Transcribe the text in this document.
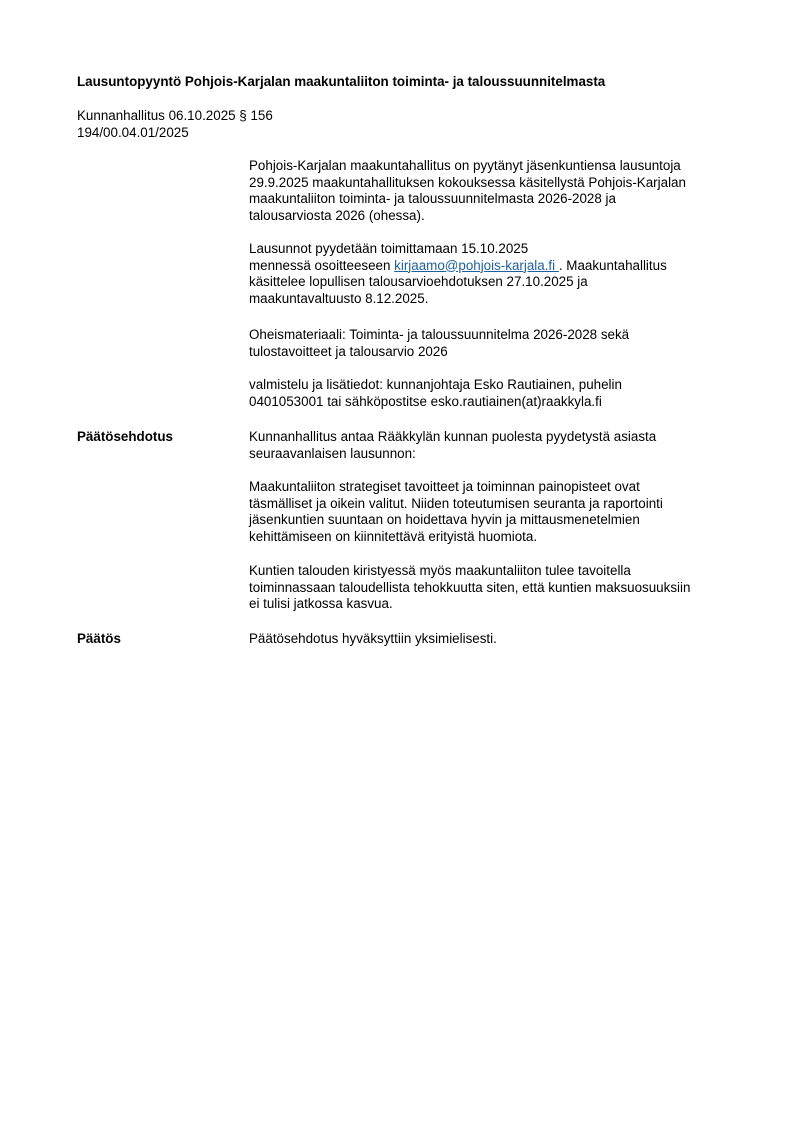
Lausuntopyyntö Pohjois-Karjalan maakuntaliiton toiminta- ja taloussuunnitelmasta
Kunnanhallitus 06.10.2025 § 156
194/00.04.01/2025
Pohjois-Karjalan maakuntahallitus on pyytänyt jäsenkuntiensa lausuntoja
29.9.2025 maakuntahallituksen kokouksessa käsitellystä Pohjois-Karjalan
maakuntaliiton toiminta- ja taloussuunnitelmasta 2026-2028 ja
talousarviosta 2026 (ohessa).
Lausunnot pyydetään toimittamaan 15.10.2025
mennessä osoitteeseen kirjaamo@pohjois-karjala.fi . Maakuntahallitus
käsittelee lopullisen talousarvioehdotuksen 27.10.2025 ja
maakuntavaltuusto 8.12.2025.
Oheismateriaali: Toiminta- ja taloussuunnitelma 2026-2028 sekä
tulostavoitteet ja talousarvio 2026
valmistelu ja lisätiedot: kunnanjohtaja Esko Rautiainen, puhelin
0401053001 tai sähköpostitse esko.rautiainen(at)raakkyla.fi
Päätösehdotus	Kunnanhallitus antaa Rääkkylän kunnan puolesta pyydetystä asiasta
seuraavanlaisen lausunnon:
Maakuntaliiton strategiset tavoitteet ja toiminnan painopisteet ovat
täsmälliset ja oikein valitut. Niiden toteutumisen seuranta ja raportointi
jäsenkuntien suuntaan on hoidettava hyvin ja mittausmenetelmien
kehittämiseen on kiinnitettävä erityistä huomiota.
Kuntien talouden kiristyessä myös maakuntaliiton tulee tavoitella
toiminnassaan taloudellista tehokkuutta siten, että kuntien maksuosuuksiin
ei tulisi jatkossa kasvua.
Päätös	Päätösehdotus hyväksyttiin yksimielisesti.
